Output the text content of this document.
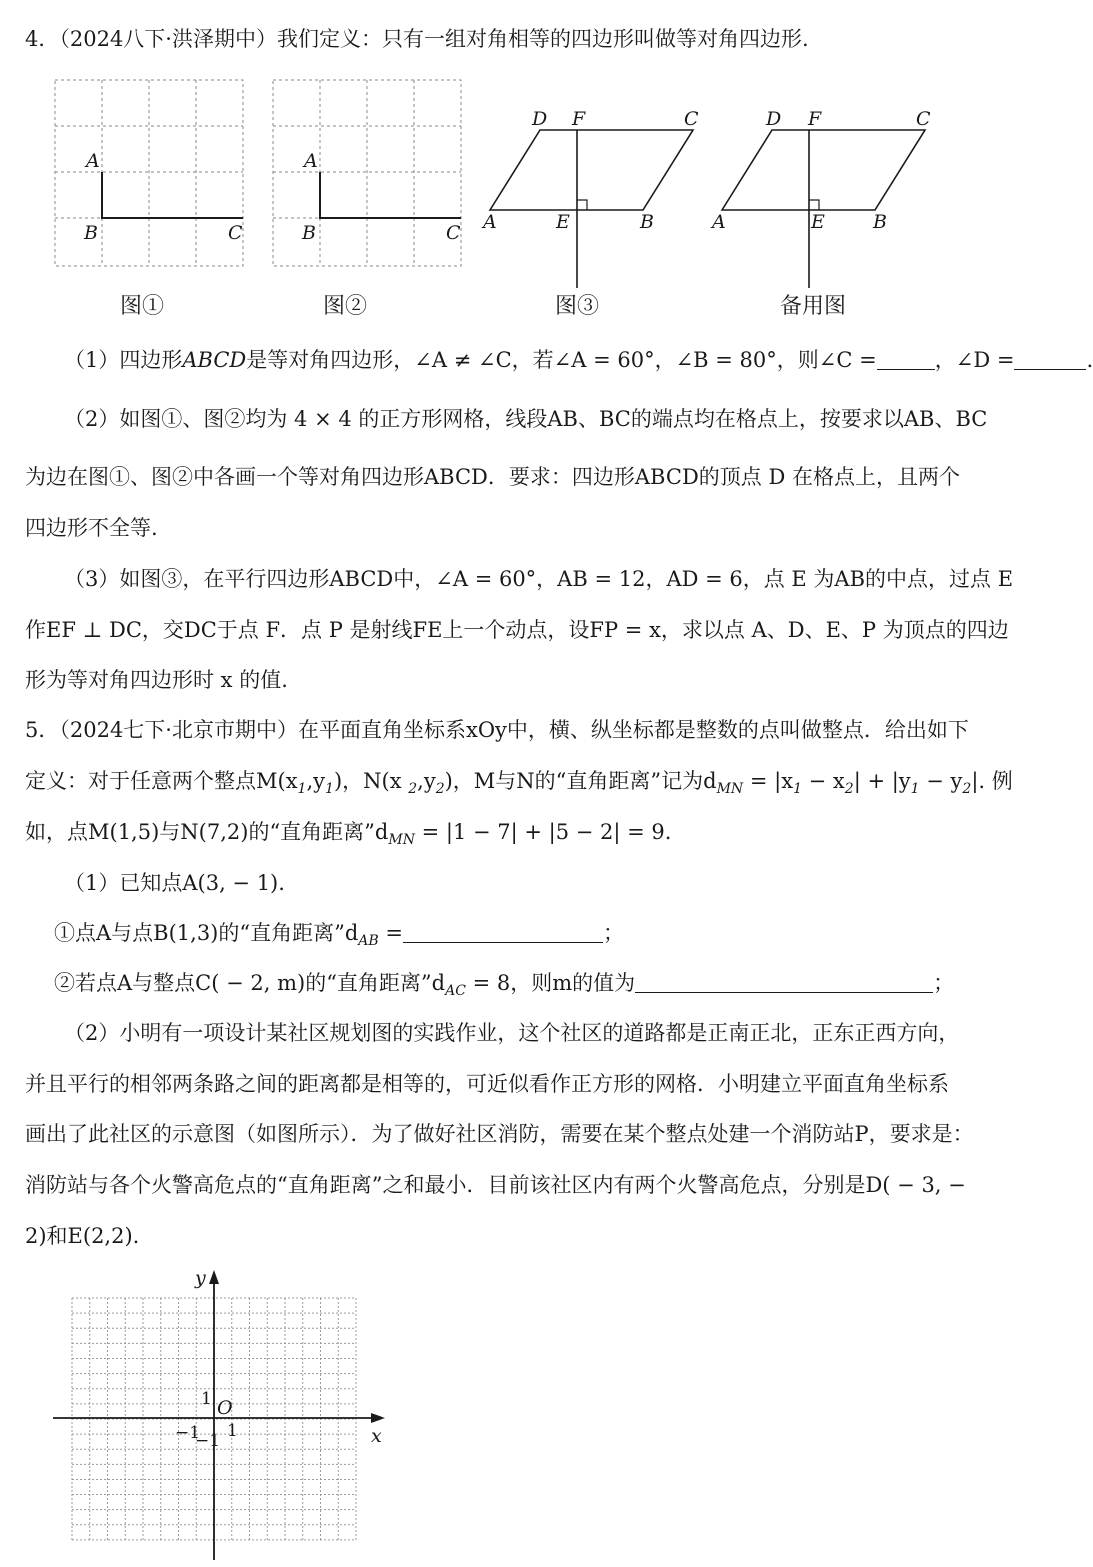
4．（2024八下·洪泽期中）我们定义：只有一组对角相等的四边形叫做等对角四边形.
A
B	C
图①
A
B	C
图②
D F	C
A	E	B
图③
D F	C
A	E	B
备用图
（1）四边形ABCD是等对角四边形，∠A ≠ ∠C，若∠A = 60°，∠B = 80°，则∠C =	，∠D =	.
（2）如图①、图②均为 4 × 4 的正方形网格，线段AB、BC的端点均在格点上，按要求以AB、BC
为边在图①、图②中各画一个等对角四边形ABCD．要求：四边形ABCD的顶点 D 在格点上，且两个
四边形不全等.
（3）如图③，在平行四边形ABCD中，∠A = 60°，AB = 12，AD = 6，点 E 为AB的中点，过点 E
作EF ⊥ DC，交DC于点 F．点 P 是射线FE上一个动点，设FP = x，求以点 A、D、E、P 为顶点的四边
形为等对角四边形时 x 的值.
5．（2024七下·北京市期中）在平面直角坐标系xOy中，横、纵坐标都是整数的点叫做整点．给出如下
定义：对于任意两个整点$M(x_1,y_1)$，N(x $_2,y_2$)，M与N的“直角距离”记为$d_{MN} = |x_1 - x_2| + |y_1 - y_2|$. 例
如，点M(1,5)与N(7,2)的“直角距离$”d_{MN} = |1 - 7| + |5 - 2| = 9$.
（1）已知点A(3, − 1).
①点A与点B(1,3)的“直角距离$”d_{AB}$ =	；
②若点A与整点C( − 2, m)的“直角距离$”d_{AC} = 8$，则m的值为	；
（2）小明有一项设计某社区规划图的实践作业，这个社区的道路都是正南正北，正东正西方向，
并且平行的相邻两条路之间的距离都是相等的，可近似看作正方形的网格．小明建立平面直角坐标系
画出了此社区的示意图（如图所示）．为了做好社区消防，需要在某个整点处建一个消防站P，要求是：
消防站与各个火警高危点的“直角距离”之和最小．目前该社区内有两个火警高危点，分别是D( − 3, −
2)和E(2,2).
y
x
O
1
1
−1
−1
